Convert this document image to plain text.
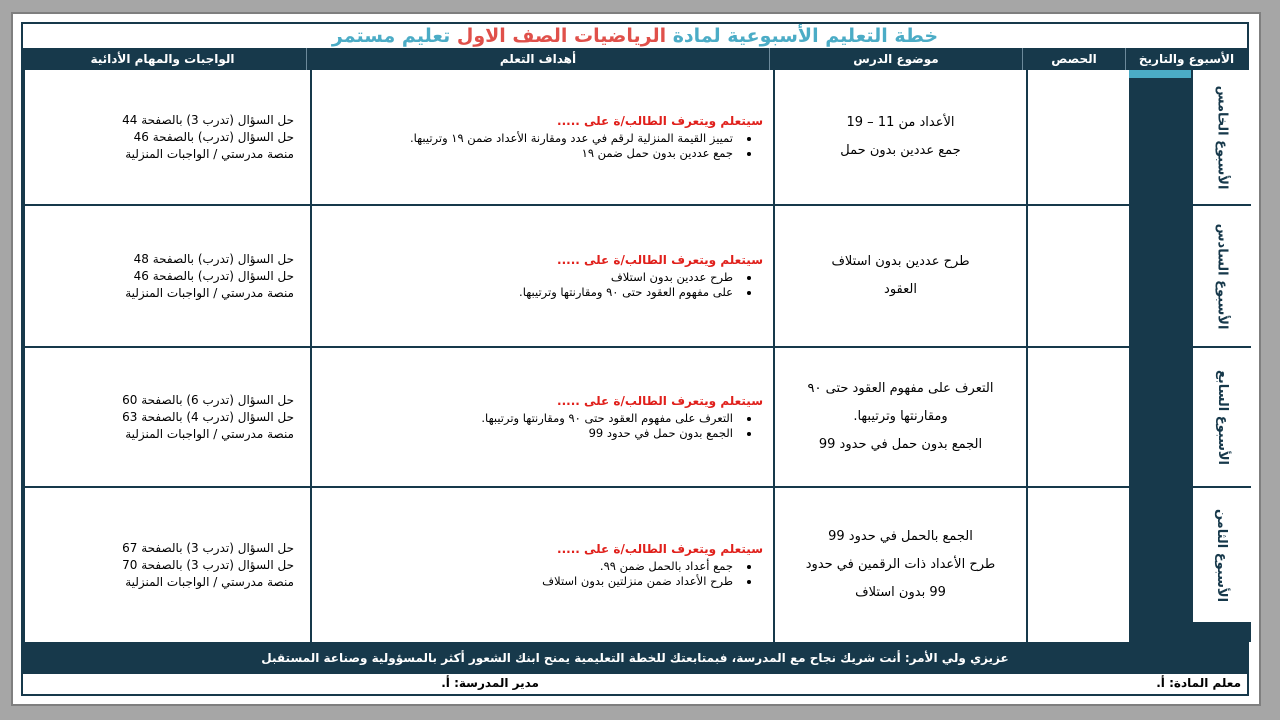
خطة التعليم الأسبوعية لمادة الرياضيات الصف الاول تعليم مستمر
الأسبوع والتاريخ
الحصص
موضوع الدرس
أهداف التعلم
الواجبات والمهام الأدائية
حل السؤال (تدرب 3) بالصفحة 44
حل السؤال (تدرب) بالصفحة 46
منصة مدرستي / الواجبات المنزلية
سيتعلم ويتعرف الطالب/ة على .....
• تمييز القيمة المنزلية لرقم في عدد ومقارنة الأعداد ضمن ١٩ وترتيبها.
• جمع عددين بدون حمل ضمن ١٩
الأعداد من 11 – 19
جمع عددين بدون حمل
حل السؤال (تدرب) بالصفحة 48
حل السؤال (تدرب) بالصفحة 46
منصة مدرستي / الواجبات المنزلية
سيتعلم ويتعرف الطالب/ة على .....
• طرح عددين بدون استلاف
• على مفهوم العقود حتى ٩٠ ومقارنتها وترتيبها.
طرح عددين بدون استلاف
العقود
حل السؤال (تدرب 6) بالصفحة 60
حل السؤال (تدرب 4) بالصفحة 63
منصة مدرستي / الواجبات المنزلية
سيتعلم ويتعرف الطالب/ة على .....
• التعرف على مفهوم العقود حتى ٩٠ ومقارنتها وترتيبها.
• الجمع بدون حمل في حدود 99
التعرف على مفهوم العقود حتى ٩٠
ومقارنتها وترتيبها.
الجمع بدون حمل في حدود 99
حل السؤال (تدرب 3) بالصفحة 67
حل السؤال (تدرب 3) بالصفحة 70
منصة مدرستي / الواجبات المنزلية
سيتعلم ويتعرف الطالب/ة على .....
• جمع أعداد بالحمل ضمن ٩٩.
• طرح الأعداد ضمن منزلتين بدون استلاف
الجمع بالحمل في حدود 99
طرح الأعداد ذات الرقمين في حدود
99 بدون استلاف
الأسبوع الخامس
الأسبوع السادس
الأسبوع السابع
الأسبوع الثامن
عزيزي ولي الأمر: أنت شريك نجاح مع المدرسة، فبمتابعتك للخطة التعليمية يمنح ابنك الشعور أكثر بالمسؤولية وصناعة المستقبل
معلم المادة: أ.
مدير المدرسة: أ.
